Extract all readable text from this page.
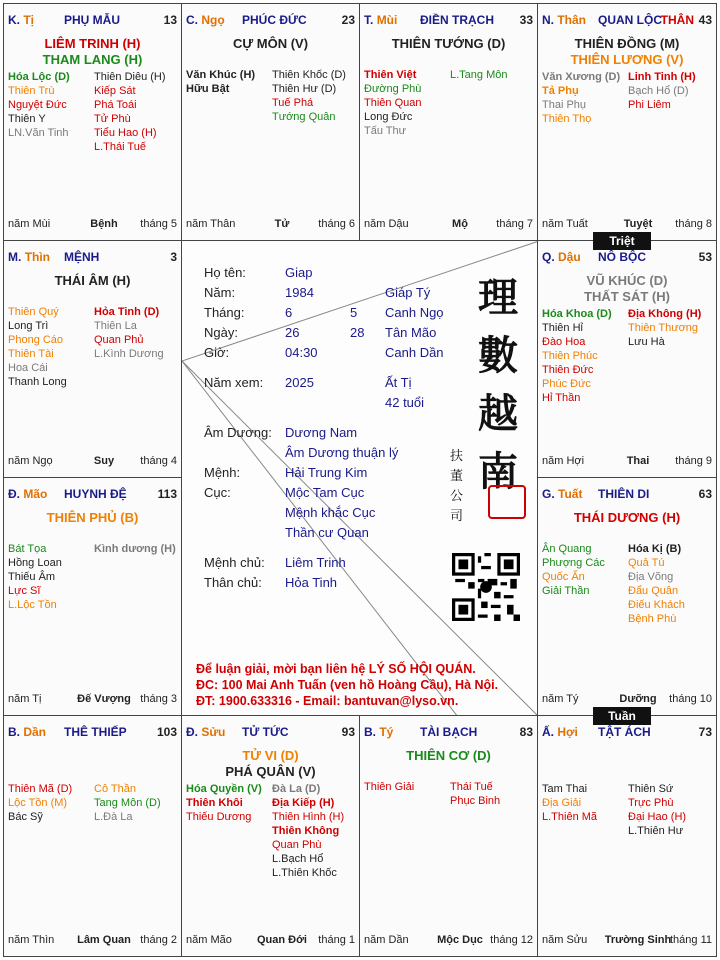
K. Tị PHỤ MẪU	13
LIÊM TRINH (H)
THAM LANG (H)
Hóa Lộc (D)
Thiên Trù
Nguyệt Đức
Thiên Y
LN.Văn Tinh
Thiên Diêu (H)
Kiếp Sát
Phá Toái
Tử Phù
Tiểu Hao (H)
L.Thái Tuế
năm Mùi	Bệnh	tháng 5
C. Ngọ PHÚC ĐỨC	23
CỰ MÔN (V)
Văn Khúc (H)
Hữu Bật
Thiên Khốc (D)
Thiên Hư (D)
Tuế Phá
Tướng Quân
năm Thân	Tử	tháng 6
T. Mùi ĐIỀN TRẠCH 33
THIÊN TƯỚNG (D)
Thiên Việt
Đường Phù
Thiên Quan
Long Đức
Tấu Thư
L.Tang Môn
năm Dậu	Mộ	tháng 7
N. Thân QUAN LỘC
THÂN 43
THIÊN ĐỒNG (M)
THIÊN LƯƠNG (V)
Văn Xương (D)
Tả Phụ
Thai Phụ
Thiên Thọ
Linh Tinh (H)
Bạch Hổ (D)
Phi Liêm
năm Tuất	Tuyệt	tháng 8
Q. Dậu NÔ BỘC	53
VŨ KHÚC (D)
THẤT SÁT (H)
Hóa Khoa (D)
Thiên Hỉ
Đào Hoa
Thiên Phúc
Thiên Đức
Phúc Đức
Hỉ Thần
Địa Không (H)
Thiên Thương
Lưu Hà
năm Hợi	Thai	tháng 9
G. Tuất THIÊN DI	63
THÁI DƯƠNG (H)
Ân Quang
Phượng Các
Quốc Ấn
Giải Thần
Hóa Kị (B)
Quả Tú
Địa Võng
Đẩu Quân
Điếu Khách
Bệnh Phù
năm Tý	Dưỡng	tháng 10
Ấ. Hợi TẬT ÁCH	73
Tam Thai
Địa Giải
L.Thiên Mã
Thiên Sứ
Trực Phù
Đại Hao (H)
L.Thiên Hư
năm Sửu	Trường Sinh
tháng 11
B. Tý TÀI BẠCH	83
THIÊN CƠ (D)
Thiên Giải	Thái Tuế
Phục Binh
năm Dần	Mộc Dục tháng 12
Đ. Sửu TỬ TỨC	93
TỬ VI (D)
PHÁ QUÂN (V)
Hóa Quyền (V)
Thiên Khôi
Thiếu Dương
Đà La (D)
Địa Kiếp (H)
Thiên Hình (H)
Thiên Không
Quan Phù
L.Bạch Hổ
L.Thiên Khốc
năm Mão	Quan Đới	tháng 1
B. Dần THÊ THIẾP	103
Thiên Mã (D)
Lộc Tồn (M)
Bác Sỹ
Cô Thần
Tang Môn (D)
L.Đà La
năm Thìn	Lâm Quan tháng 2
Đ. Mão HUYNH ĐỆ	113
THIÊN PHỦ (B)
Bát Tọa
Hồng Loan
Thiếu Âm
Lực Sĩ
L.Lộc Tồn
Kình dương (H)
năm Tị	Đế Vượng tháng 3
M. Thìn MỆNH	3
THÁI ÂM (H)
Thiên Quý
Long Trì
Phong Cáo
Thiên Tài
Hoa Cái
Thanh Long
Hỏa Tinh (D)
Thiên La
Quan Phủ
L.Kình Dương
năm Ngọ	Suy	tháng 4
Họ tên:	Giap
Năm:	1984	Giáp Tý
Tháng:	6	5 Canh Ngọ
Ngày:	26	28 Tân Mão
Giờ:	04:30	Canh Dần
Năm xem: 2025	Ất Tị
42 tuổi
Âm Dương: Dương Nam
Âm Dương thuận lý
Mệnh:	Hải Trung Kim
Cục:	Mộc Tam Cục
Mệnh khắc Cục
Thần cư Quan
Mệnh chủ: Liêm Trinh
Thân chủ: Hỏa Tinh
理
數
越
南
扶
董
公
司
Để luận giải, mời bạn liên hệ LÝ SỐ HỘI QUÁN.
ĐC: 100 Mai Anh Tuấn (ven hồ Hoàng Cầu), Hà Nội.
ĐT: 1900.633316 - Email: bantuvan@lyso.vn.
Triệt
Tuần
